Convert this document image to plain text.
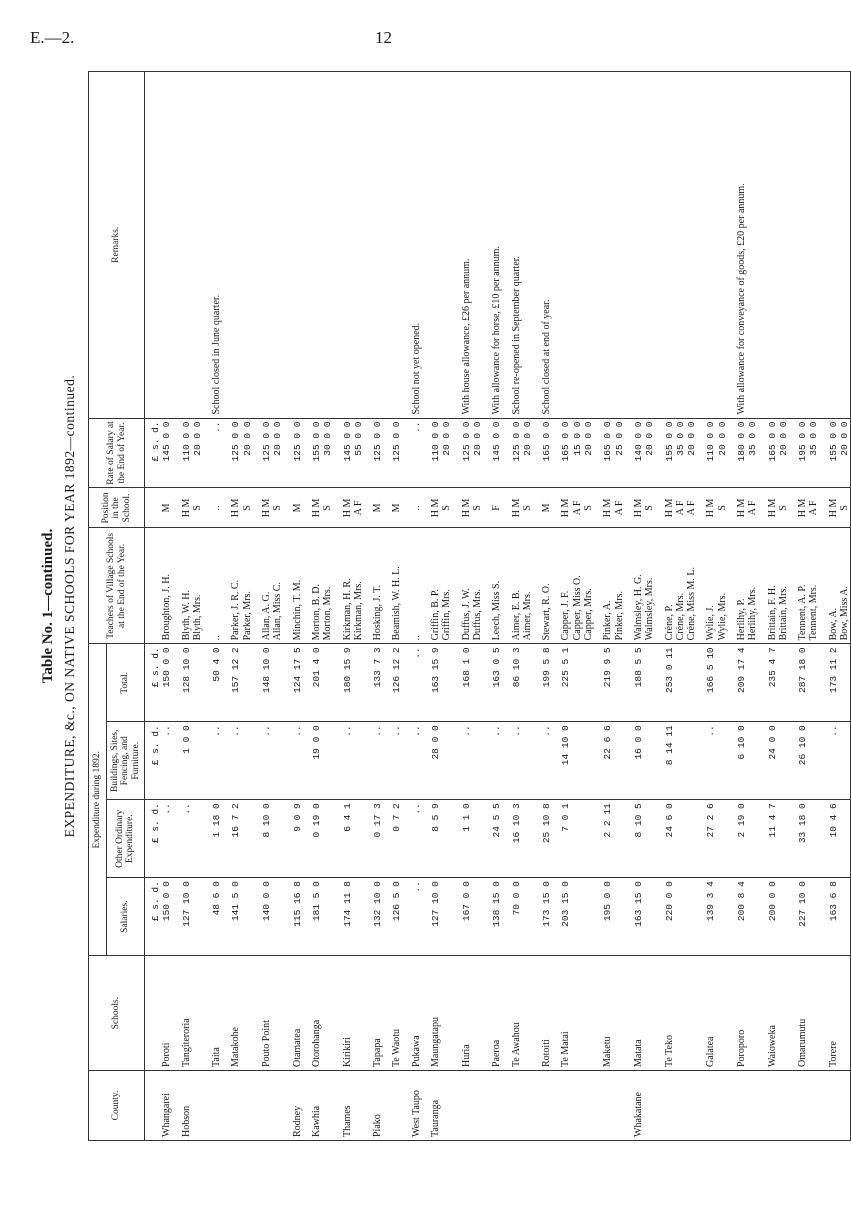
E.—2.	12
Table No. 1—continued. EXPENDITURE, &c., ON NATIVE SCHOOLS FOR YEAR 1892—continued.
County.	Schools.	Expenditure during 1892.				Teachers of Village Schools at the End of the Year.	Position in the School.	Rate of Salary at the End of Year.	Remarks.
		Salaries.	Other Ordinary Expenditure.	Buildings, Sites, Fencing, and Furniture.	Total.				
		£ s. d.	£ s. d.	£ s. d.	£ s. d.			£ s. d.	
Whangarei	Poroti	150 0 0	..	..	150 0 0	Broughton, J. H.	M	145 0 0	

Hobson	Tangiteroria	127 10 0	..	1 0 0	128 10 0	Blyth, W. H.	H M	110 0 0	
						Blyth, Mrs.	S	20 0 0	

	Taita	48 6 0	1 18 0	..	50 4 0	..	..	..	School closed in June quarter.

	Matakohe	141 5 0	16 7 2	..	157 12 2	Parker, J. R. C.	H M	125 0 0	
						Parker, Mrs.	S	20 0 0	

	Pouto Point	140 0 0	8 10 0	..	148 10 0	Allan, A. G.	H M	125 0 0	
						Allan, Miss C.	S	20 0 0	

Rodney	Otamatea	115 16 8	9 0 9	..	124 17 5	Minchin, T. M.	M	125 0 0	

Kawhia	Otorohanga	181 5 0	0 19 0	19 0 0	201 4 0	Morton, B. D.	H M	155 0 0	
						Morton, Mrs.	S	30 0 0	

Thames	Kirikiri	174 11 8	6 4 1	..	180 15 9	Kirkman, H. R.	H M	145 0 0	
						Kirkman, Mrs.	A F	55 0 0	

Piako	Tapapa	132 10 0	0 17 3	..	133 7 3	Hosking, J. T.	M	125 0 0	

	Te Waotu	126 5 0	0 7 2	..	126 12 2	Beamish, W. H. L.	M	125 0 0	

West Taupo	Pukawa	..	..	..	..	..	..	..	School not yet opened.

Tauranga	Maungatapu	127 10 0	8 5 9	28 0 0	163 15 9	Griffin, B. P.	H M	110 0 0	
						Griffin, Mrs.	S	20 0 0	

	Huria	167 0 0	1 1 0	..	168 1 0	Duffus, J. W.	H M	125 0 0	With house allowance, £26 per annum.
						Duffus, Mrs.	S	20 0 0	

	Paeroa	138 15 0	24 5 5	..	163 0 5	Leech, Miss S.	F	145 0 0	With allowance for horse, £10 per annum.

	Te Awahou	70 0 0	16 10 3	..	86 10 3	Aimer, E. B.	H M	125 0 0	School re-opened in September quarter.
						Aimer, Mrs.	S	20 0 0	

	Rotoiti	173 15 0	25 10 8	..	199 5 8	Stewart, R. O.	M	165 0 0	School closed at end of year.

	Te Matai	203 15 0	7 0 1	14 10 0	225 5 1	Capper, J. F.	H M	165 0 0	
						Capper, Miss O.	A F	15 0 0	
						Capper, Mrs.	S	20 0 0	

	Maketu	195 0 0	2 2 11	22 6 6	219 9 5	Pinker, A.	H M	165 0 0	
						Pinker, Mrs.	A F	25 0 0	

Whakatane	Matata	163 15 0	8 10 5	16 0 0	188 5 5	Walmsley, H. G.	H M	140 0 0	
						Walmsley, Mrs.	S	20 0 0	

	Te Teko	220 0 0	24 6 0	8 14 11	253 0 11	Crène, P.	H M	155 0 0	
						Crène, Mrs.	A F	35 0 0	
						Crène, Miss M. L.	A F	20 0 0	

	Galatea	139 3 4	27 2 6	..	166 5 10	Wylie, J.	H M	110 0 0	
						Wylie, Mrs.	S	20 0 0	

	Poroporo	200 8 4	2 19 0	6 10 0	209 17 4	Herlihy, P.	H M	180 0 0	With allowance for conveyance of goods, £20 per annum.
						Herlihy, Mrs.	A F	35 0 0	

	Waioweka	200 0 0	11 4 7	24 0 0	235 4 7	Brittain, F. H.	H M	165 0 0	
						Brittain, Mrs.	S	20 0 0	

	Omarumutu	227 10 0	33 18 0	26 10 0	287 18 0	Tennent, A. P.	H M	195 0 0	
						Tennent, Mrs.	A F	35 0 0	

	Torere	163 6 8	10 4 6	..	173 11 2	Bow, A.	H M	155 0 0	
						Bow, Miss A.	S	20 0 0	
